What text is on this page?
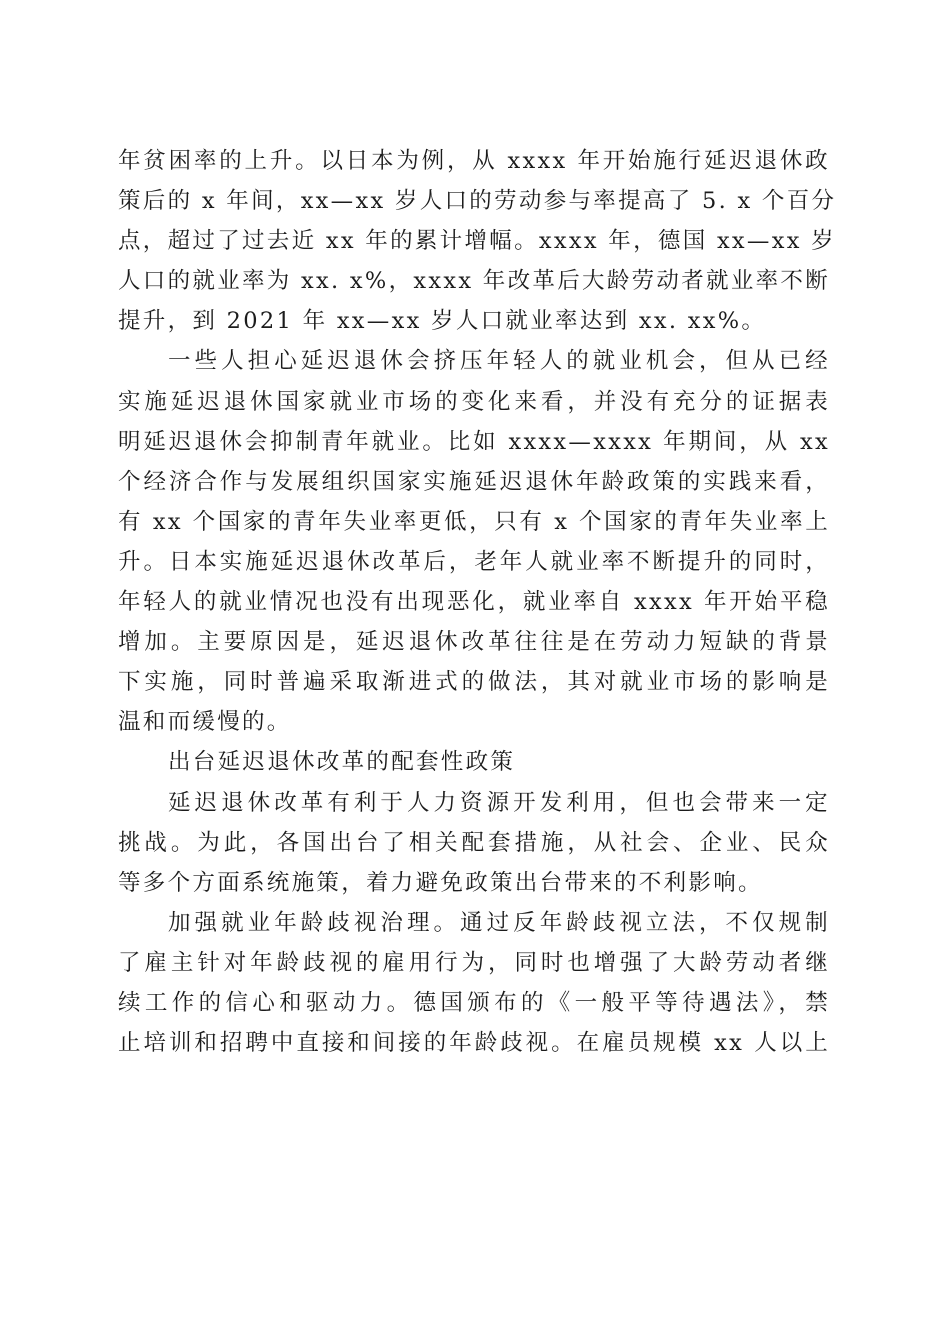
年贫困率的上升。以日本为例，从 xxxx 年开始施行延迟退休政
策后的 x 年间，xx—xx 岁人口的劳动参与率提高了 5. x 个百分
点，超过了过去近 xx 年的累计增幅。xxxx 年，德国 xx—xx 岁
人口的就业率为 xx. x%，xxxx 年改革后大龄劳动者就业率不断
提升，到 2021 年 xx—xx 岁人口就业率达到 xx. xx%。
一些人担心延迟退休会挤压年轻人的就业机会，但从已经
实施延迟退休国家就业市场的变化来看，并没有充分的证据表
明延迟退休会抑制青年就业。比如 xxxx—xxxx 年期间，从 xx
个经济合作与发展组织国家实施延迟退休年龄政策的实践来看，
有 xx 个国家的青年失业率更低，只有 x 个国家的青年失业率上
升。日本实施延迟退休改革后，老年人就业率不断提升的同时，
年轻人的就业情况也没有出现恶化，就业率自 xxxx 年开始平稳
增加。主要原因是，延迟退休改革往往是在劳动力短缺的背景
下实施，同时普遍采取渐进式的做法，其对就业市场的影响是
温和而缓慢的。
出台延迟退休改革的配套性政策
延迟退休改革有利于人力资源开发利用，但也会带来一定
挑战。为此，各国出台了相关配套措施，从社会、企业、民众
等多个方面系统施策，着力避免政策出台带来的不利影响。
加强就业年龄歧视治理。通过反年龄歧视立法，不仅规制
了雇主针对年龄歧视的雇用行为，同时也增强了大龄劳动者继
续工作的信心和驱动力。德国颁布的《一般平等待遇法》，禁
止培训和招聘中直接和间接的年龄歧视。在雇员规模 xx 人以上
